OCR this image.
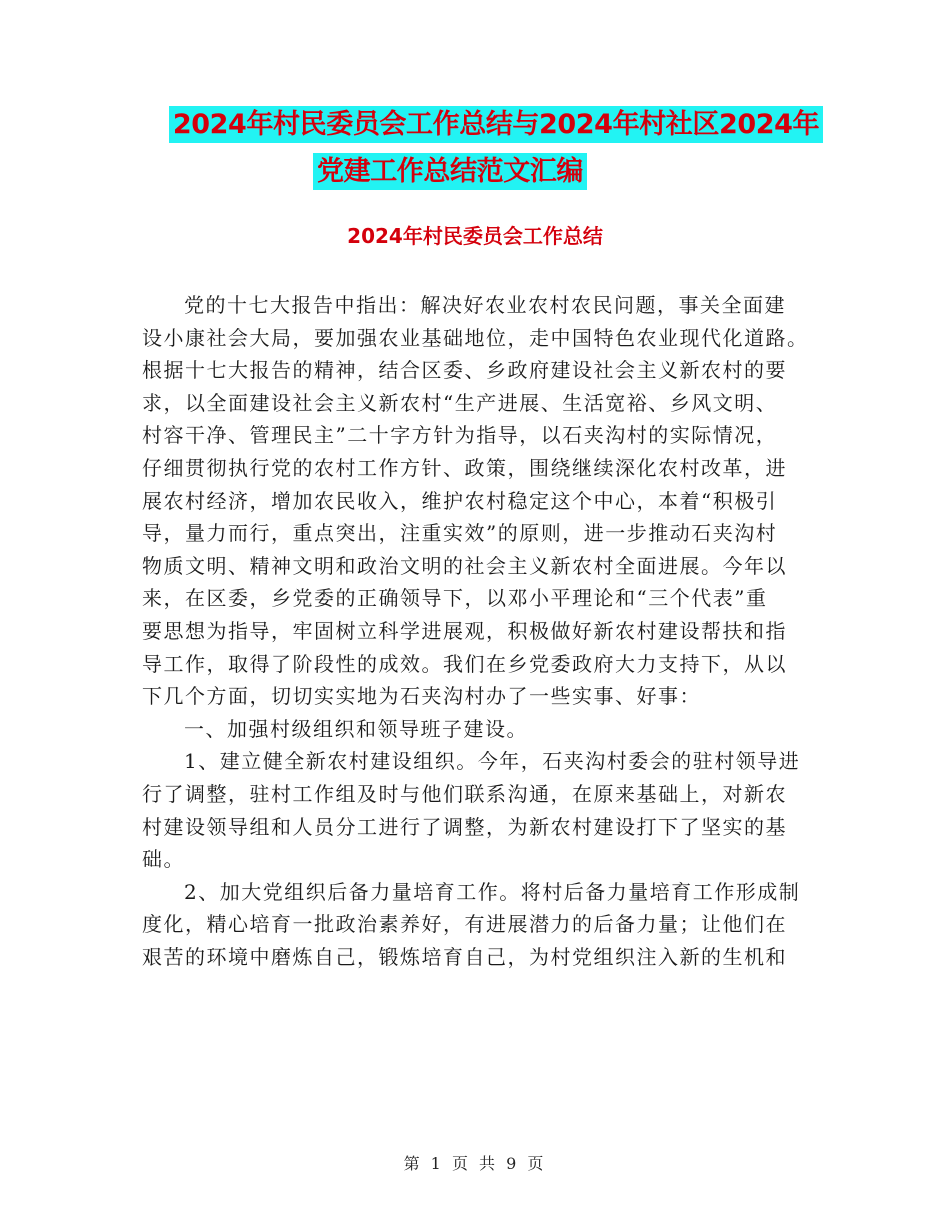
2024年村民委员会工作总结与2024年村社区2024年
党建工作总结范文汇编
2024年村民委员会工作总结
党的十七大报告中指出：解决好农业农村农民问题，事关全面建
设小康社会大局，要加强农业基础地位，走中国特色农业现代化道路。
根据十七大报告的精神，结合区委、乡政府建设社会主义新农村的要
求，以全面建设社会主义新农村“生产进展、生活宽裕、乡风文明、
村容干净、管理民主”二十字方针为指导，以石夹沟村的实际情况，
仔细贯彻执行党的农村工作方针、政策，围绕继续深化农村改革，进
展农村经济，增加农民收入，维护农村稳定这个中心，本着“积极引
导，量力而行，重点突出，注重实效”的原则，进一步推动石夹沟村
物质文明、精神文明和政治文明的社会主义新农村全面进展。今年以
来，在区委，乡党委的正确领导下，以邓小平理论和“三个代表”重
要思想为指导，牢固树立科学进展观，积极做好新农村建设帮扶和指
导工作，取得了阶段性的成效。我们在乡党委政府大力支持下，从以
下几个方面，切切实实地为石夹沟村办了一些实事、好事：
一、加强村级组织和领导班子建设。
1、建立健全新农村建设组织。今年，石夹沟村委会的驻村领导进
行了调整，驻村工作组及时与他们联系沟通，在原来基础上，对新农
村建设领导组和人员分工进行了调整，为新农村建设打下了坚实的基
础。
2、加大党组织后备力量培育工作。将村后备力量培育工作形成制
度化，精心培育一批政治素养好，有进展潜力的后备力量；让他们在
艰苦的环境中磨炼自己，锻炼培育自己，为村党组织注入新的生机和
第 1 页 共 9 页
